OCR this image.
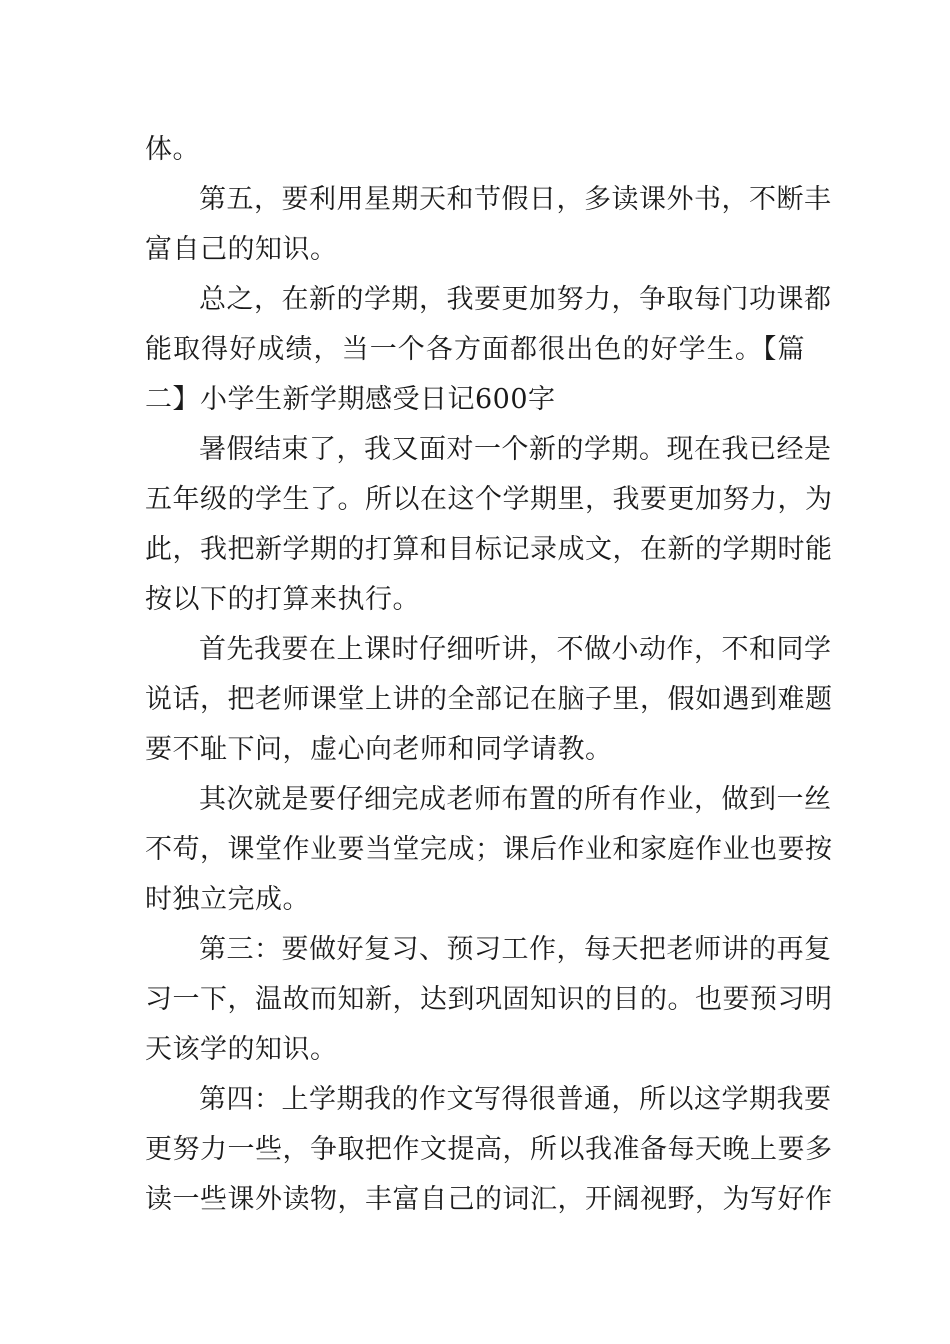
体。

第五，要利用星期天和节假日，多读课外书，不断丰

富自己的知识。

总之，在新的学期，我要更加努力，争取每门功课都

能取得好成绩，当一个各方面都很出色的好学生。【篇

二】小学生新学期感受日记600字

暑假结束了，我又面对一个新的学期。现在我已经是

五年级的学生了。所以在这个学期里，我要更加努力，为

此，我把新学期的打算和目标记录成文，在新的学期时能

按以下的打算来执行。

首先我要在上课时仔细听讲，不做小动作，不和同学

说话，把老师课堂上讲的全部记在脑子里，假如遇到难题

要不耻下问，虚心向老师和同学请教。

其次就是要仔细完成老师布置的所有作业，做到一丝

不苟，课堂作业要当堂完成；课后作业和家庭作业也要按

时独立完成。

第三：要做好复习、预习工作，每天把老师讲的再复

习一下，温故而知新，达到巩固知识的目的。也要预习明

天该学的知识。

第四：上学期我的作文写得很普通，所以这学期我要

更努力一些，争取把作文提高，所以我准备每天晚上要多

读一些课外读物，丰富自己的词汇，开阔视野，为写好作
